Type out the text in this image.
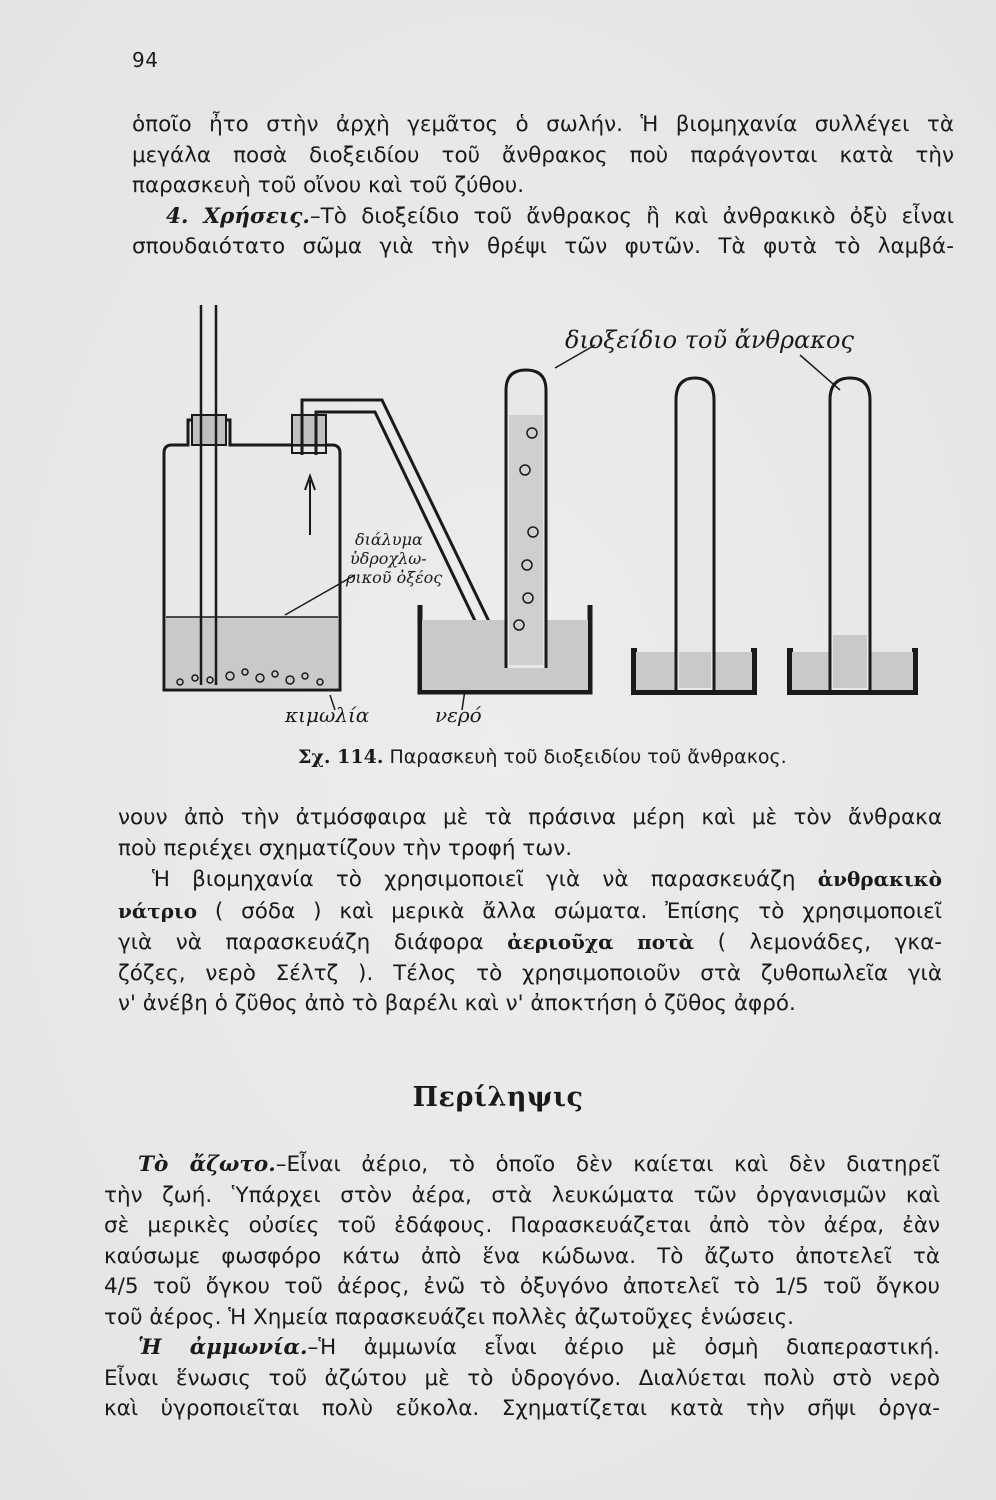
94
ὁποῖο ἦτο στὴν ἀρχὴ γεμᾶτος ὁ σωλήν. Ἡ βιομηχανία συλλέγει τὰ
μεγάλα ποσὰ διοξειδίου τοῦ ἄνθρακος ποὺ παράγονται κατὰ τὴν
παρασκευὴ τοῦ οἴνου καὶ τοῦ ζύθου.
4. Χρήσεις.–Τὸ διοξείδιο τοῦ ἄνθρακος ἢ καὶ ἀνθρακικὸ ὀξὺ εἶναι
σπουδαιότατο σῶμα γιὰ τὴν θρέψι τῶν φυτῶν. Τὰ φυτὰ τὸ λαμβά-
διοξείδιο τοῦ ἄνθρακος
διάλυμα
ὑδροχλω-
ρικοῦ ὀξέος
κιμωλία	νερό
Σχ. 114. Παρασκευὴ τοῦ διοξειδίου τοῦ ἄνθρακος.
νουν ἀπὸ τὴν ἀτμόσφαιρα μὲ τὰ πράσινα μέρη καὶ μὲ τὸν ἄνθρακα
ποὺ περιέχει σχηματίζουν τὴν τροφή των.
Ἡ βιομηχανία τὸ χρησιμοποιεῖ γιὰ νὰ παρασκευάζη ἀνθρακικὸ
νάτριο ( σόδα ) καὶ μερικὰ ἄλλα σώματα. Ἐπίσης τὸ χρησιμοποιεῖ
γιὰ νὰ παρασκευάζη διάφορα ἀεριοῦχα ποτὰ ( λεμονάδες, γκα-
ζόζες, νερὸ Σέλτζ ). Τέλος τὸ χρησιμοποιοῦν στὰ ζυθοπωλεῖα γιὰ
ν' ἀνέβη ὁ ζῦθος ἀπὸ τὸ βαρέλι καὶ ν' ἀποκτήση ὁ ζῦθος ἀφρό.
Περίληψις
Τὸ ἄζωτο.–Εἶναι ἀέριο, τὸ ὁποῖο δὲν καίεται καὶ δὲν διατηρεῖ
τὴν ζωή. Ὑπάρχει στὸν ἀέρα, στὰ λευκώματα τῶν ὀργανισμῶν καὶ
σὲ μερικὲς οὐσίες τοῦ ἐδάφους. Παρασκευάζεται ἀπὸ τὸν ἀέρα, ἐὰν
καύσωμε φωσφόρο κάτω ἀπὸ ἕνα κώδωνα. Τὸ ἄζωτο ἀποτελεῖ τὰ
4/5 τοῦ ὄγκου τοῦ ἀέρος, ἐνῶ τὸ ὀξυγόνο ἀποτελεῖ τὸ 1/5 τοῦ ὄγκου
τοῦ ἀέρος. Ἡ Χημεία παρασκευάζει πολλὲς ἀζωτοῦχες ἑνώσεις.
Ἡ ἀμμωνία.–Ἡ ἀμμωνία εἶναι ἀέριο μὲ ὀσμὴ διαπεραστική.
Εἶναι ἕνωσις τοῦ ἀζώτου μὲ τὸ ὑδρογόνο. Διαλύεται πολὺ στὸ νερὸ
καὶ ὑγροποιεῖται πολὺ εὔκολα. Σχηματίζεται κατὰ τὴν σῆψι ὀργα-
